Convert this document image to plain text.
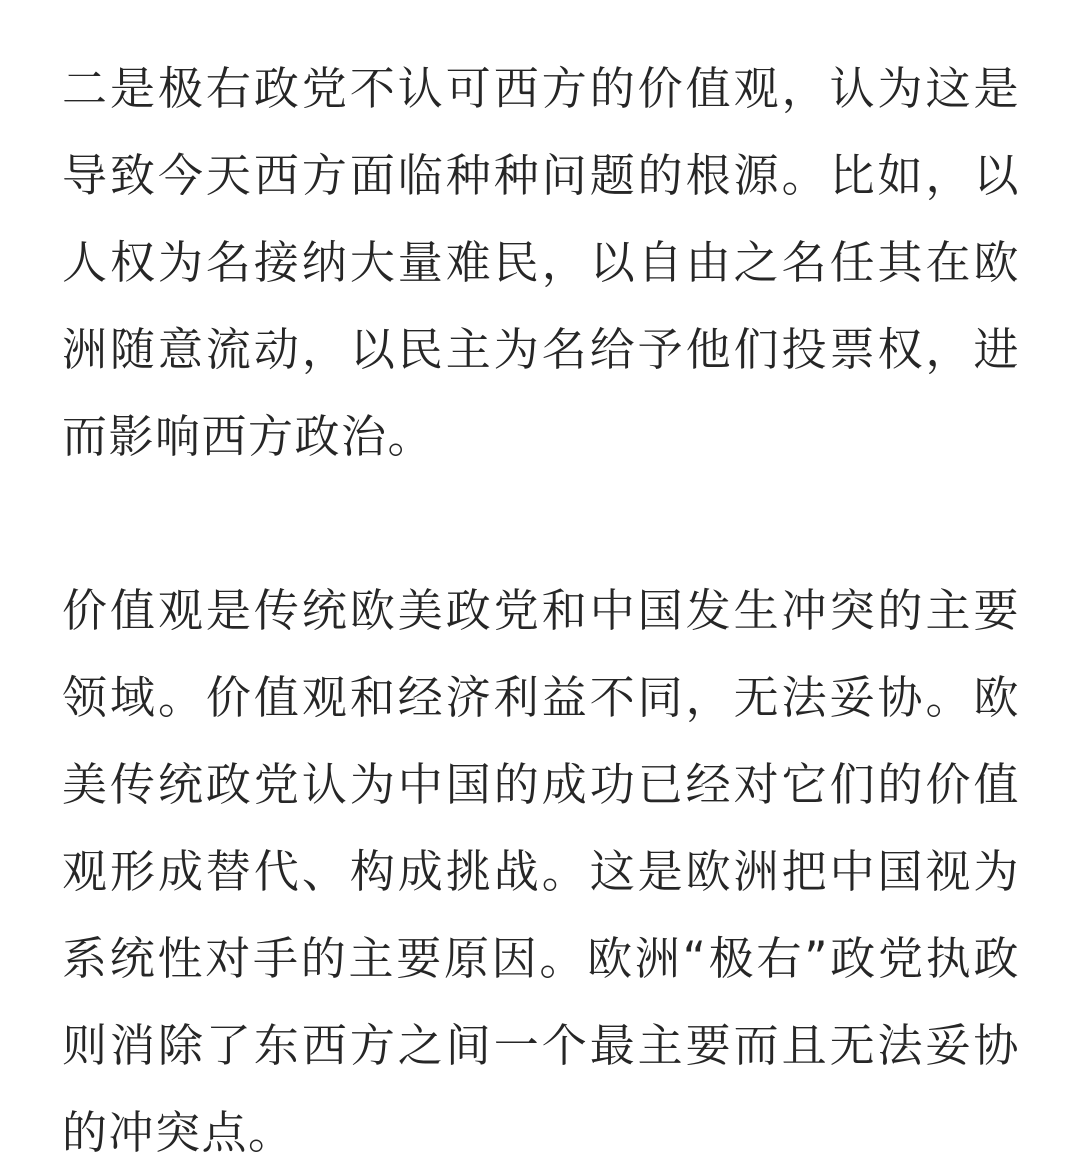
二是极右政党不认可西方的价值观，认为这是导致今天西方面临种种问题的根源。比如，以人权为名接纳大量难民，以自由之名任其在欧洲随意流动，以民主为名给予他们投票权，进而影响西方政治。

价值观是传统欧美政党和中国发生冲突的主要领域。价值观和经济利益不同，无法妥协。欧美传统政党认为中国的成功已经对它们的价值观形成替代、构成挑战。这是欧洲把中国视为系统性对手的主要原因。欧洲“极右”政党执政则消除了东西方之间一个最主要而且无法妥协的冲突点。
